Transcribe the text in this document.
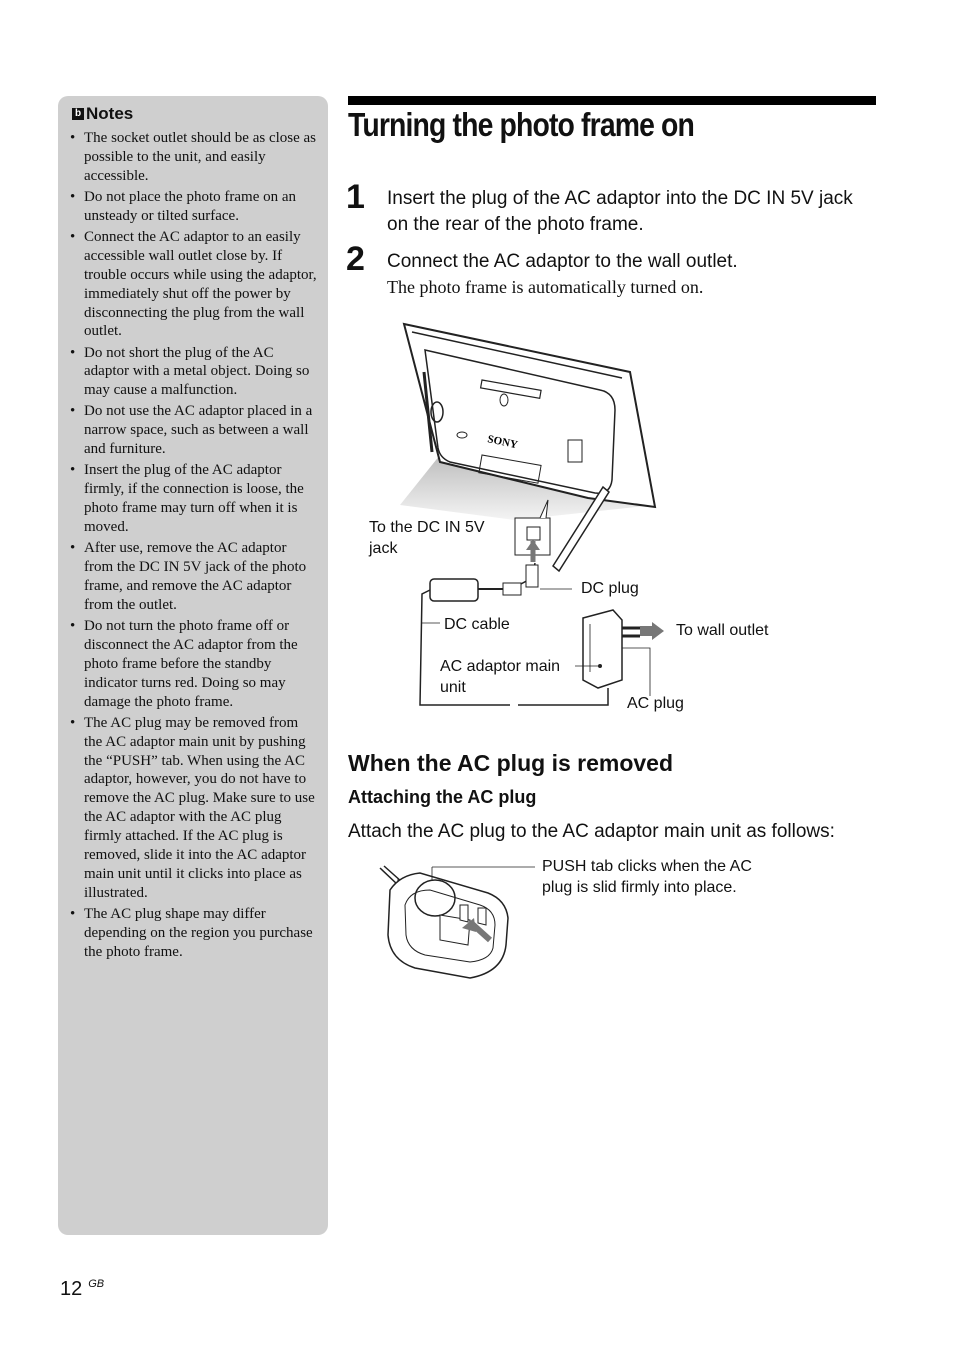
b Notes
• The socket outlet should be as close as possible to the unit, and easily accessible.
• Do not place the photo frame on an unsteady or tilted surface.
• Connect the AC adaptor to an easily accessible wall outlet close by. If trouble occurs while using the adaptor, immediately shut off the power by disconnecting the plug from the wall outlet.
• Do not short the plug of the AC adaptor with a metal object. Doing so may cause a malfunction.
• Do not use the AC adaptor placed in a narrow space, such as between a wall and furniture.
• Insert the plug of the AC adaptor firmly, if the connection is loose, the photo frame may turn off when it is moved.
• After use, remove the AC adaptor from the DC IN 5V jack of the photo frame, and remove the AC adaptor from the outlet.
• Do not turn the photo frame off or disconnect the AC adaptor from the photo frame before the standby indicator turns red. Doing so may damage the photo frame.
• The AC plug may be removed from the AC adaptor main unit by pushing the “PUSH” tab. When using the AC adaptor, however, you do not have to remove the AC plug. Make sure to use the AC adaptor with the AC plug firmly attached. If the AC plug is removed, slide it into the AC adaptor main unit until it clicks into place as illustrated.
• The AC plug shape may differ depending on the region you purchase the photo frame.
Turning the photo frame on
1 Insert the plug of the AC adaptor into the DC IN 5V jack on the rear of the photo frame.
2 Connect the AC adaptor to the wall outlet.
The photo frame is automatically turned on.
SONY
To the DC IN 5V jack
DC plug
DC cable	To wall outlet
AC adaptor main unit
AC plug
When the AC plug is removed
Attaching the AC plug
Attach the AC plug to the AC adaptor main unit as follows:
PUSH tab clicks when the AC plug is slid firmly into place.
12 $^{GB}$
